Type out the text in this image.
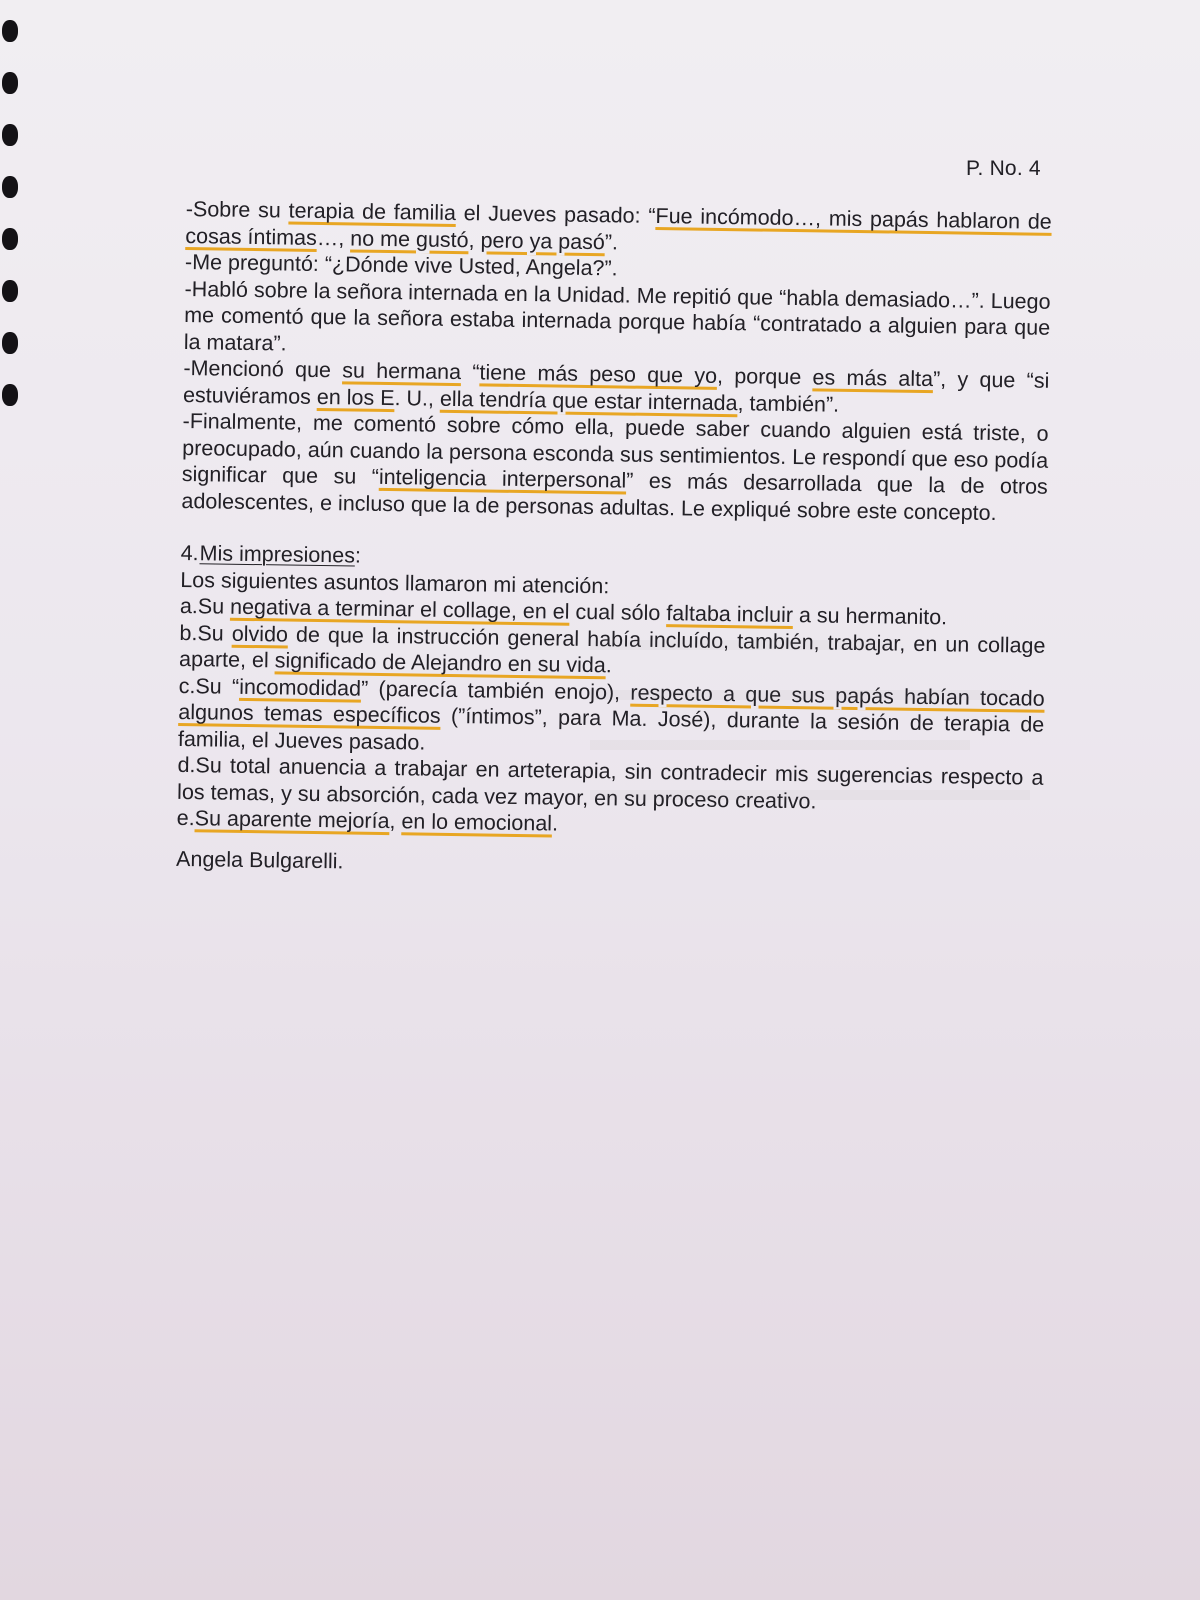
P. No. 4

-Sobre su terapia de familia el Jueves pasado: “Fue incómodo…, mis papás hablaron de cosas íntimas…, no me gustó, pero ya pasó”.

-Me preguntó: “¿Dónde vive Usted, Angela?”.

-Habló sobre la señora internada en la Unidad. Me repitió que “habla demasiado…”. Luego me comentó que la señora estaba internada porque había “contratado a alguien para que la matara”.

-Mencionó que su hermana “tiene más peso que yo, porque es más alta”, y que “si estuviéramos en los E. U., ella tendría que estar internada, también”.

-Finalmente, me comentó sobre cómo ella, puede saber cuando alguien está triste, o preocupado, aún cuando la persona esconda sus sentimientos. Le respondí que eso podía significar que su “inteligencia interpersonal” es más desarrollada que la de otros adolescentes, e incluso que la de personas adultas. Le expliqué sobre este concepto.

4.Mis impresiones:

Los siguientes asuntos llamaron mi atención:

a.Su negativa a terminar el collage, en el cual sólo faltaba incluir a su hermanito.

b.Su olvido de que la instrucción general había incluído, también, trabajar, en un collage aparte, el significado de Alejandro en su vida.

c.Su “incomodidad” (parecía también enojo), respecto a que sus papás habían tocado algunos temas específicos (”íntimos”, para Ma. José), durante la sesión de terapia de familia, el Jueves pasado.

d.Su total anuencia a trabajar en arteterapia, sin contradecir mis sugerencias respecto a los temas, y su absorción, cada vez mayor, en su proceso creativo.

e.Su aparente mejoría, en lo emocional.

Angela Bulgarelli.
